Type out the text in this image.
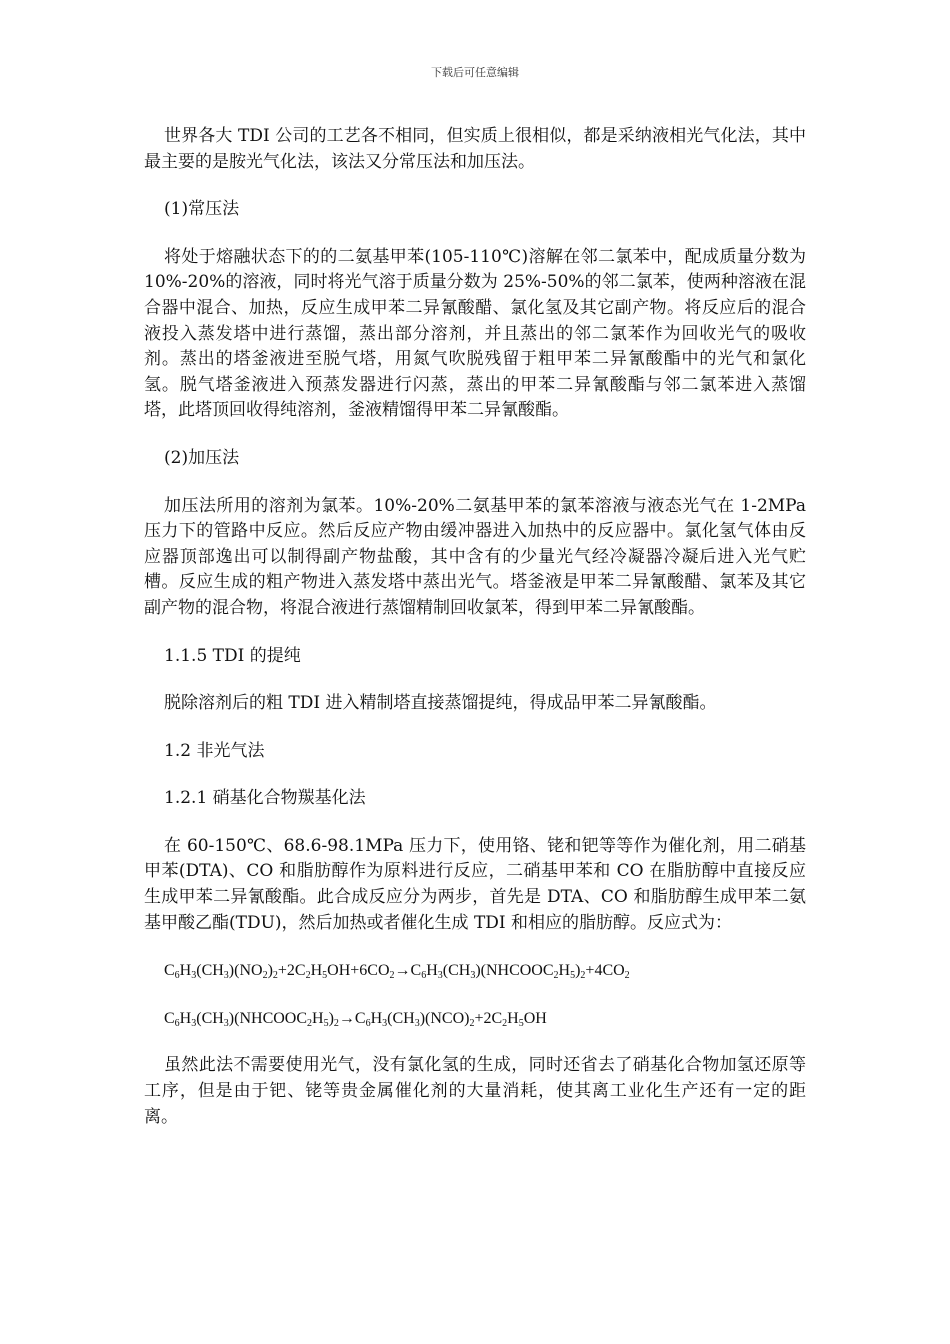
下载后可任意编辑

世界各大 TDI 公司的工艺各不相同，但实质上很相似，都是采纳液相光气化法，其中最主要的是胺光气化法，该法又分常压法和加压法。

(1)常压法

将处于熔融状态下的的二氨基甲苯(105-110℃)溶解在邻二氯苯中，配成质量分数为 10%-20%的溶液，同时将光气溶于质量分数为 25%-50%的邻二氯苯，使两种溶液在混合器中混合、加热，反应生成甲苯二异氰酸醋、氯化氢及其它副产物。将反应后的混合液投入蒸发塔中进行蒸馏，蒸出部分溶剂，并且蒸出的邻二氯苯作为回收光气的吸收剂。蒸出的塔釜液进至脱气塔，用氮气吹脱残留于粗甲苯二异氰酸酯中的光气和氯化氢。脱气塔釜液进入预蒸发器进行闪蒸，蒸出的甲苯二异氰酸酯与邻二氯苯进入蒸馏塔，此塔顶回收得纯溶剂，釜液精馏得甲苯二异氰酸酯。

(2)加压法

加压法所用的溶剂为氯苯。10%-20%二氨基甲苯的氯苯溶液与液态光气在 1-2MPa 压力下的管路中反应。然后反应产物由缓冲器进入加热中的反应器中。氯化氢气体由反应器顶部逸出可以制得副产物盐酸，其中含有的少量光气经冷凝器冷凝后进入光气贮槽。反应生成的粗产物进入蒸发塔中蒸出光气。塔釜液是甲苯二异氰酸醋、氯苯及其它副产物的混合物，将混合液进行蒸馏精制回收氯苯，得到甲苯二异氰酸酯。

1.1.5 TDI 的提纯

脱除溶剂后的粗 TDI 进入精制塔直接蒸馏提纯，得成品甲苯二异氰酸酯。

1.2 非光气法

1.2.1 硝基化合物羰基化法

在 60-150℃、68.6-98.1MPa 压力下，使用铬、铑和钯等等作为催化剂，用二硝基甲苯(DTA)、CO 和脂肪醇作为原料进行反应，二硝基甲苯和 CO 在脂肪醇中直接反应生成甲苯二异氰酸酯。此合成反应分为两步，首先是 DTA、CO 和脂肪醇生成甲苯二氨基甲酸乙酯(TDU)，然后加热或者催化生成 TDI 和相应的脂肪醇。反应式为：

$C_6H_3(CH_3)(NO_2)_2+2C_2H_5OH+6CO_2\to C_6H_3(CH_3)(NHCOOC_2H_5)_2+4CO_2$

$C_6H_3(CH_3)(NHCOOC_2H_5)_2\to C_6H_3(CH_3)(NCO)_2+2C_2H_5OH$

虽然此法不需要使用光气，没有氯化氢的生成，同时还省去了硝基化合物加氢还原等工序，但是由于钯、铑等贵金属催化剂的大量消耗，使其离工业化生产还有一定的距离。
